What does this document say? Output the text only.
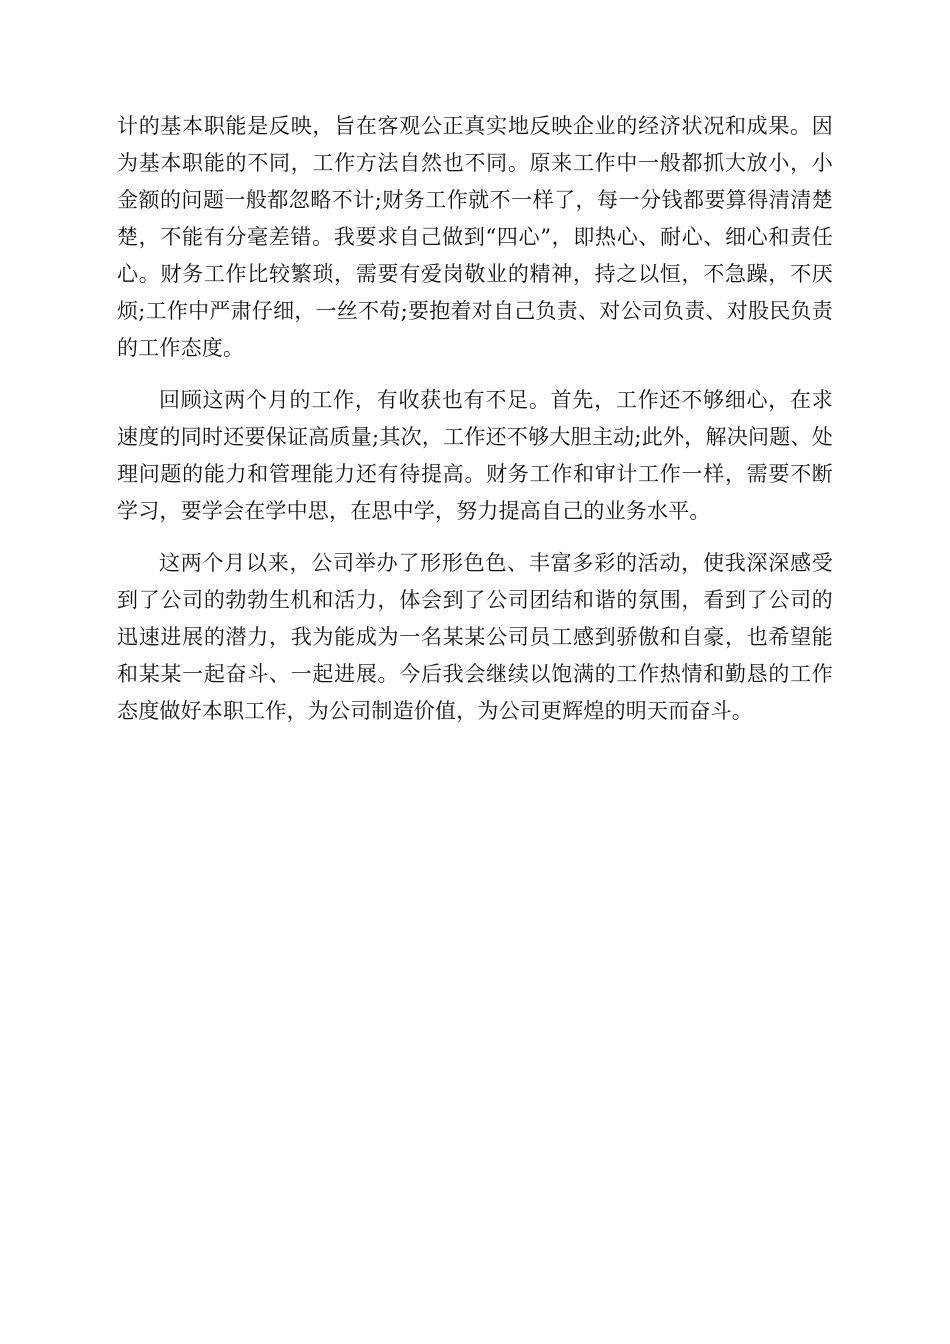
计的基本职能是反映，旨在客观公正真实地反映企业的经济状况和成果。因为基本职能的不同，工作方法自然也不同。原来工作中一般都抓大放小，小金额的问题一般都忽略不计;财务工作就不一样了，每一分钱都要算得清清楚楚，不能有分毫差错。我要求自己做到“四心”，即热心、耐心、细心和责任心。财务工作比较繁琐，需要有爱岗敬业的精神，持之以恒，不急躁，不厌烦;工作中严肃仔细，一丝不苟;要抱着对自己负责、对公司负责、对股民负责的工作态度。

回顾这两个月的工作，有收获也有不足。首先，工作还不够细心，在求速度的同时还要保证高质量;其次，工作还不够大胆主动;此外，解决问题、处理问题的能力和管理能力还有待提高。财务工作和审计工作一样，需要不断学习，要学会在学中思，在思中学，努力提高自己的业务水平。

这两个月以来，公司举办了形形色色、丰富多彩的活动，使我深深感受到了公司的勃勃生机和活力，体会到了公司团结和谐的氛围，看到了公司的迅速进展的潜力，我为能成为一名某某公司员工感到骄傲和自豪，也希望能和某某一起奋斗、一起进展。今后我会继续以饱满的工作热情和勤恳的工作态度做好本职工作，为公司制造价值，为公司更辉煌的明天而奋斗。
